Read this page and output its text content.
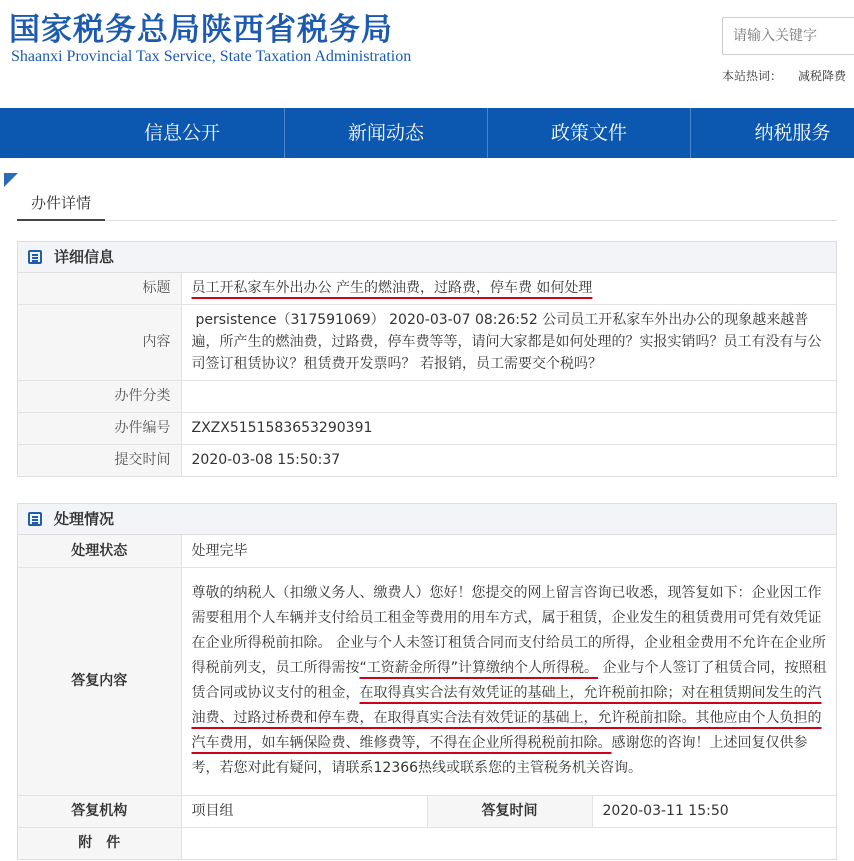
国家税务总局陕西省税务局
Shaanxi Provincial Tax Service, State Taxation Administration
请输入关键字
本站热词： 减税降费
信息公开	新闻动态	政策文件	纳税服务
办件详情
详细信息
标题	员工开私家车外出办公 产生的燃油费，过路费，停车费 如何处理
内容	persistence（317591069） 2020-03-07 08:26:52 公司员工开私家车外出办公的现象越来越普遍，所产生的燃油费，过路费，停车费等等，请问大家都是如何处理的？实报实销吗？员工有没有与公司签订租赁协议？租赁费开发票吗？ 若报销，员工需要交个税吗？
办件分类	
办件编号	ZXZX5151583653290391
提交时间	2020-03-08 15:50:37
处理情况
处理状态	处理完毕		
答复内容	尊敬的纳税人（扣缴义务人、缴费人）您好！您提交的网上留言咨询已收悉，现答复如下：企业因工作需要租用个人车辆并支付给员工租金等费用的用车方式，属于租赁，企业发生的租赁费用可凭有效凭证在企业所得税前扣除。 企业与个人未签订租赁合同而支付给员工的所得，企业租金费用不允许在企业所得税前列支，员工所得需按“工资薪金所得”计算缴纳个人所得税。 企业与个人签订了租赁合同，按照租赁合同或协议支付的租金，在取得真实合法有效凭证的基础上，允许税前扣除；对在租赁期间发生的汽油费、过路过桥费和停车费，在取得真实合法有效凭证的基础上，允许税前扣除。其他应由个人负担的汽车费用，如车辆保险费、维修费等，不得在企业所得税税前扣除。感谢您的咨询！上述回复仅供参考，若您对此有疑问，请联系12366热线或联系您的主管税务机关咨询。		
答复机构	项目组	答复时间	2020-03-11 15:50
附　件			
